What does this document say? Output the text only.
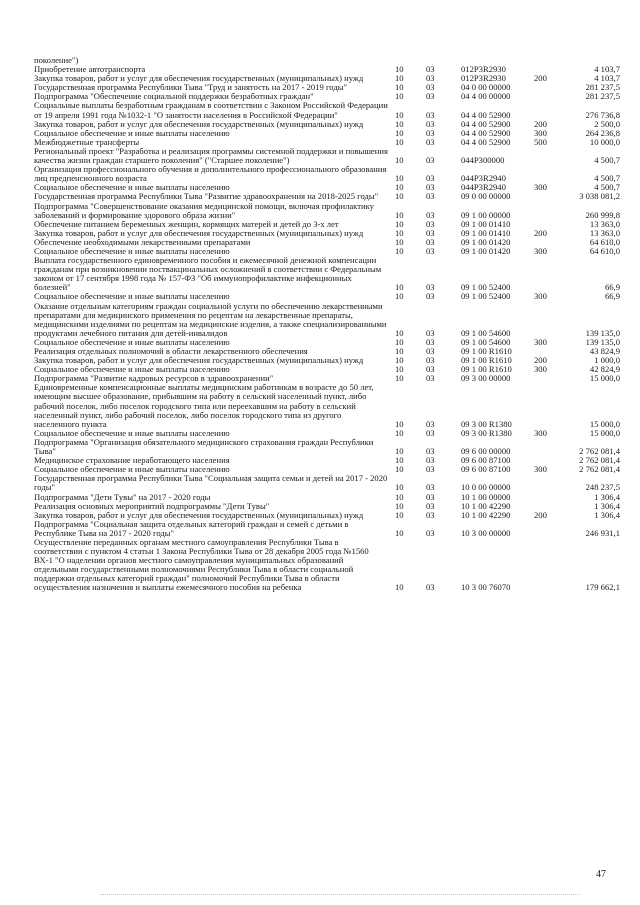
поколение")
Приобретение автотранспорта	10	03	012P3R2930	4 103,7
Закупка товаров, работ и услуг для обеспечения государственных (муниципальных) нужд	10	03	012P3R2930	200	4 103,7
Государственная программа Республики Тыва "Труд и занятость на 2017 - 2019 годы"	10	03	04 0 00 00000	281 237,5
Подпрограмма "Обеспечение социальной поддержки безработных граждан"	10	03	04 4 00 00000	281 237,5
Социальные выплаты безработным гражданам в соответствии с Законом Российской Федерации от 19 апреля 1991 года №1032-1 "О занятости населения в Российской Федерации"	10	03	04 4 00 52900	276 736,8
Закупка товаров, работ и услуг для обеспечения государственных (муниципальных) нужд	10	03	04 4 00 52900	200	2 500,0
Социальное обеспечение и иные выплаты населению	10	03	04 4 00 52900	300	264 236,8
Межбюджетные трансферты	10	03	04 4 00 52900	500	10 000,0
Региональный проект "Разработка и реализация программы системной поддержки и повышения качества жизни граждан старшего поколения" ("Старшее поколение")	10	03	044P300000	4 500,7
Организация профессионального обучения и дополнительного профессионального образования лиц предпенсионного возраста	10	03	044P3R2940	4 500,7
Социальное обеспечение и иные выплаты населению	10	03	044P3R2940	300	4 500,7
Государственная программа Республики Тыва "Развитие здравоохранения на 2018-2025 годы"	10	03	09 0 00 00000	3 038 081,2
Подпрограмма "Совершенствование оказания медицинской помощи, включая профилактику заболеваний и формирование здорового образа жизни"	10	03	09 1 00 00000	260 999,8
Обеспечение питанием беременных женщин, кормящих матерей и детей до 3-х лет	10	03	09 1 00 01410	13 363,0
Закупка товаров, работ и услуг для обеспечения государственных (муниципальных) нужд	10	03	09 1 00 01410	200	13 363,0
Обеспечение необходимыми лекарственными препаратами	10	03	09 1 00 01420	64 610,0
Социальное обеспечение и иные выплаты населению	10	03	09 1 00 01420	300	64 610,0
Выплата государственного единовременного пособия и ежемесячной денежной компенсации гражданам при возникновении поствакцинальных осложнений в соответствии с Федеральным законом от 17 сентября 1998 года № 157-ФЗ "Об иммунопрофилактике инфекционных болезней"	10	03	09 1 00 52400	66,9
Социальное обеспечение и иные выплаты населению	10	03	09 1 00 52400	300	66,9
Оказание отдельным категориям граждан социальной услуги по обеспечению лекарственными препаратами для медицинского применения по рецептам на лекарственные препараты, медицинскими изделиями по рецептам на медицинские изделия, а также специализированными продуктами лечебного питания для детей-инвалидов	10	03	09 1 00 54600	139 135,0
Социальное обеспечение и иные выплаты населению	10	03	09 1 00 54600	300	139 135,0
Реализация отдельных полномочий в области лекарственного обеспечения	10	03	09 1 00 R1610	43 824,9
Закупка товаров, работ и услуг для обеспечения государственных (муниципальных) нужд	10	03	09 1 00 R1610	200	1 000,0
Социальное обеспечение и иные выплаты населению	10	03	09 1 00 R1610	300	42 824,9
Подпрограмма "Развитие кадровых ресурсов в здравоохранении"	10	03	09 3 00 00000	15 000,0
Единовременные компенсационные выплаты медицинским работникам в возрасте до 50 лет, имеющим высшее образование, прибывшим на работу в сельский населенный пункт, либо рабочий поселок, либо поселок городского типа или переехавшим на работу в сельский населенный пункт, либо рабочий поселок, либо поселок городского типа из другого населенного пункта	10	03	09 3 00 R1380	15 000,0
Социальное обеспечение и иные выплаты населению	10	03	09 3 00 R1380	300	15 000,0
Подпрограмма "Организация обязательного медицинского страхования граждан Республики Тыва"	10	03	09 6 00 00000	2 762 081,4
Медицинское страхование неработающего населения	10	03	09 6 00 87100	2 762 081,4
Социальное обеспечение и иные выплаты населению	10	03	09 6 00 87100	300	2 762 081,4
Государственная программа Республики Тыва "Социальная защита семьи и детей на 2017 - 2020 годы"	10	03	10 0 00 00000	248 237,5
Подпрограмма "Дети Тувы" на 2017 - 2020 годы	10	03	10 1 00 00000	1 306,4
Реализация основных мероприятий подпрограммы "Дети Тувы"	10	03	10 1 00 42290	1 306,4
Закупка товаров, работ и услуг для обеспечения государственных (муниципальных) нужд	10	03	10 1 00 42290	200	1 306,4
Подпрограмма "Социальная защита отдельных категорий граждан и семей с детьми в Республике Тыва на 2017 - 2020 годы"	10	03	10 3 00 00000	246 931,1
Осуществление переданных органам местного самоуправления Республики Тыва в соответствии с пунктом 4 статьи 1 Закона Республики Тыва от 28 декабря 2005 года №1560 ВХ-1 "О наделении органов местного самоуправления муниципальных образований отдельными государственными полномочиями Республики Тыва в области социальной поддержки отдельных категорий граждан" полномочий Республики Тыва в области осуществления назначения и выплаты ежемесячного пособия на ребенка	10	03	10 3 00 76070	179 662,1
47
